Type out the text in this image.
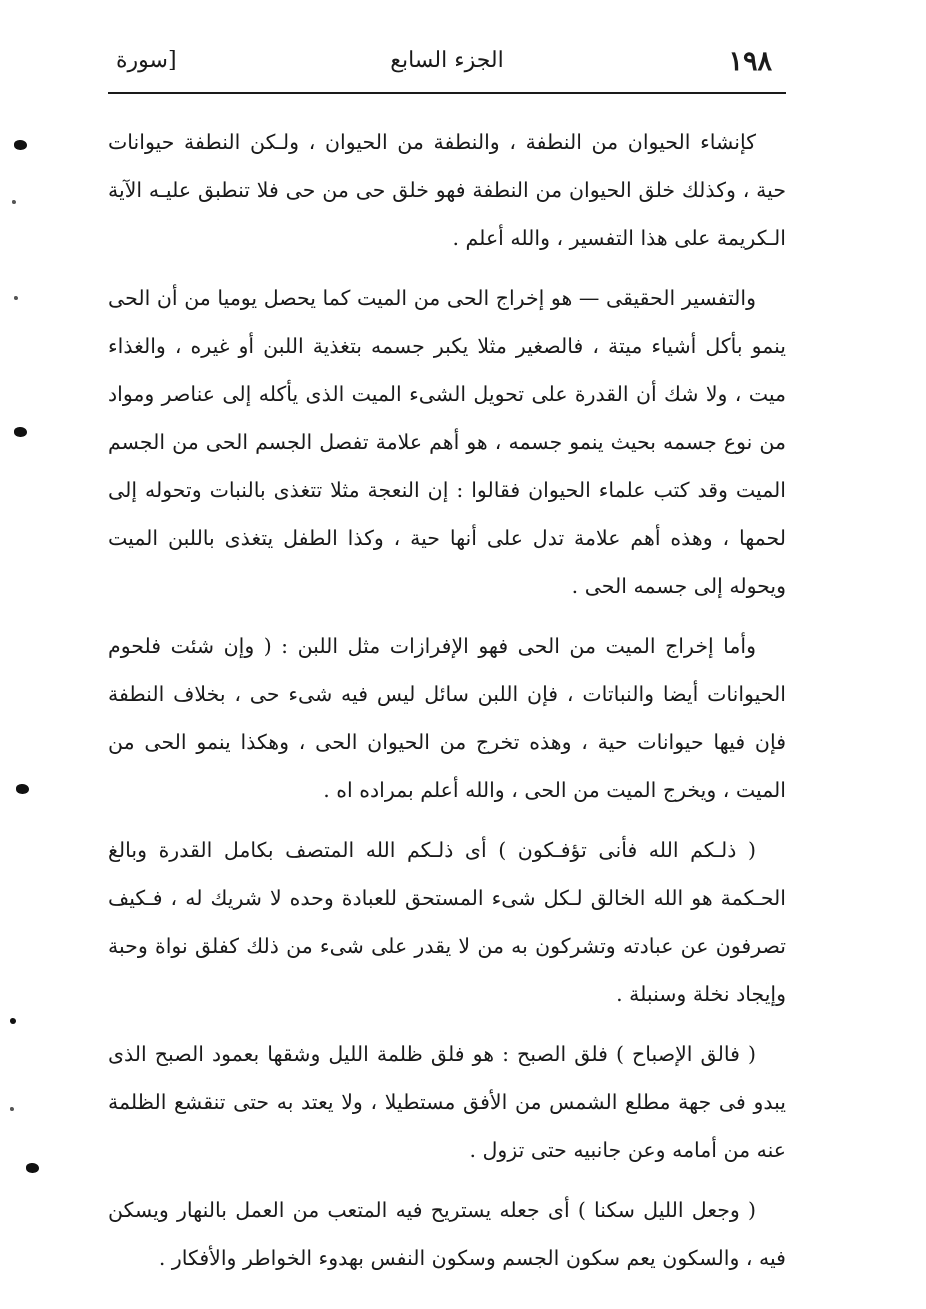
١٩٨
الجزء السابع
[سورة

كإنشاء الحيوان من النطفة ، والنطفة من الحيوان ، ولـكن النطفة حيوانات حية ، وكذلك خلق الحيوان من النطفة فهو خلق حى من حى فلا تنطبق عليـه الآية الـكريمة على هذا التفسير ، والله أعلم .

والتفسير الحقيقى — هو إخراج الحى من الميت كما يحصل يوميا من أن الحى ينمو بأكل أشياء ميتة ، فالصغير مثلا يكبر جسمه بتغذية اللبن أو غيره ، والغذاء ميت ، ولا شك أن القدرة على تحويل الشىء الميت الذى يأكله إلى عناصر ومواد من نوع جسمه بحيث ينمو جسمه ، هو أهم علامة تفصل الجسم الحى من الجسم الميت وقد كتب علماء الحيوان فقالوا : إن النعجة مثلا تتغذى بالنبات وتحوله إلى لحمها ، وهذه أهم علامة تدل على أنها حية ، وكذا الطفل يتغذى باللبن الميت ويحوله إلى جسمه الحى .

وأما إخراج الميت من الحى فهو الإفرازات مثل اللبن : ( وإن شئت فلحوم الحيوانات أيضا والنباتات ، فإن اللبن سائل ليس فيه شىء حى ، بخلاف النطفة فإن فيها حيوانات حية ، وهذه تخرج من الحيوان الحى ، وهكذا ينمو الحى من الميت ، ويخرج الميت من الحى ، والله أعلم بمراده اه .

( ذلـكم الله فأنى تؤفـكون ) أى ذلـكم الله المتصف بكامل القدرة وبالغ الحـكمة هو الله الخالق لـكل شىء المستحق للعبادة وحده لا شريك له ، فـكيف تصرفون عن عبادته وتشركون به من لا يقدر على شىء من ذلك كفلق نواة وحبة وإيجاد نخلة وسنبلة .

( فالق الإصباح ) فلق الصبح : هو فلق ظلمة الليل وشقها بعمود الصبح الذى يبدو فى جهة مطلع الشمس من الأفق مستطيلا ، ولا يعتد به حتى تنقشع الظلمة عنه من أمامه وعن جانبيه حتى تزول .

( وجعل الليل سكنا ) أى جعله يستريح فيه المتعب من العمل بالنهار ويسكن فيه ، والسكون يعم سكون الجسم وسكون النفس بهدوء الخواطر والأفكار .
